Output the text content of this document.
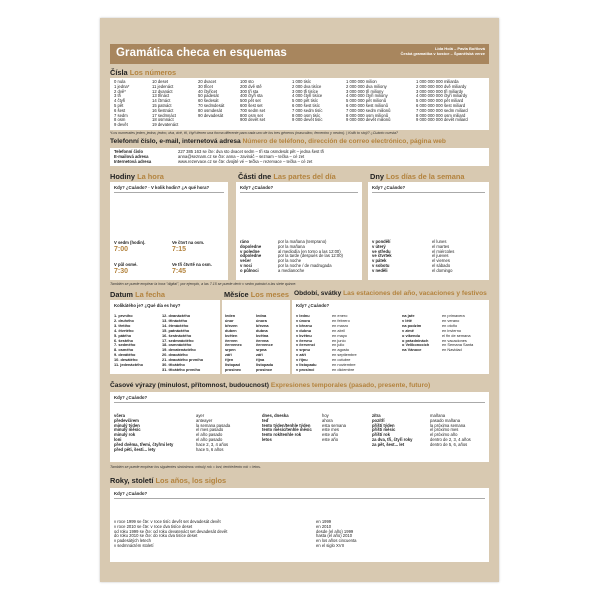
Gramática checa en esquemas	Lida Holá – Pavla Bořilová
Česká gramatika v kostce – Španělská verze
Čísla Los números
0 nula
1 jedna*
2 dvě*
3 tři
4 čtyři
5 pět
6 šest
7 sedm
8 osm
9 devět
10 deset
11 jedenáct
12 dvanáct
13 třináct
14 čtrnáct
15 patnáct
16 šestnáct
17 sedmnáct
18 osmnáct
19 devatenáct
20 dvacet
30 třicet
40 čtyřicet
50 padesát
60 šedesát
70 sedmdesát
80 osmdesát
90 devadesát
100 sto
200 dvě stě
300 tři sta
400 čtyři sta
500 pět set
600 šest set
700 sedm set
800 osm set
900 devět set
1 000 tisíc
2 000 dva tisíce
3 000 tři tisíce
4 000 čtyři tisíce
5 000 pět tisíc
6 000 šest tisíc
7 000 sedm tisíc
8 000 osm tisíc
9 000 devět tisíc
1 000 000 milion
2 000 000 dva miliony
3 000 000 tři miliony
4 000 000 čtyři miliony
5 000 000 pět milionů
6 000 000 šest milionů
7 000 000 sedm milionů
8 000 000 osm milionů
9 000 000 devět milionů
1 000 000 000 miliarda
2 000 000 000 dvě miliardy
3 000 000 000 tři miliardy
4 000 000 000 čtyři miliardy
5 000 000 000 pět miliard
6 000 000 000 šest miliard
7 000 000 000 sedm miliard
8 000 000 000 osm miliard
9 000 000 000 devět miliard
*Los numerales jeden, jedna, jedno, dva, dvě, tři, čtyři tienen una forma diferente para cada uno de los tres géneros (masculino, femenino y neutro). | Kolik to stojí? ¿Cuánto cuesta?
Telefonní číslo, e-mail, internetová adresa Número de teléfono, dirección de correo electrónico, página web
Telefonní číslo
E-mailová adresa
Internetová adresa
227 385 163 se čte: dva sto dvacet sedm – tři sta osmdesát pět – jedna šest tři
anna@seznam.cz se čte: anna – zavináč – seznam – tečka – cé zet
www.rezervace.cz se čte: dvojité vé – tečka – rezervace – tečka – cé zet
Hodiny La hora
Kdy? ¿Cuándo? · V kolik hodin? ¿A qué hora?
V sedm (hodin).
7:00
Ve čtvrt na osm.
7:15
V půl osmé.
7:30
Ve tři čtvrtě na osm.
7:45
Části dne Las partes del día
Kdy? ¿Cuándo?
ráno
dopoledne
v poledne
odpoledne
večer
v noci
o půlnoci
por la mañana (temprano)
por la mañana
al mediodía (en torno a las 12:00)
por la tarde (después de las 12:00)
por la noche
por la noche / de madrugada
a medianoche
Dny Los días de la semana
Kdy? ¿Cuándo?
v pondělí
v úterý
ve středu
ve čtvrtek
v pátek
v sobotu
v neděli
el lunes
el martes
el miércoles
el jueves
el viernes
el sábado
el domingo
También se puede emplear la hora "digital", por ejemplo, a las 7.15 se puede decir v sedm patnáct a las siete quince.
Datum La fecha
Kolikátého je? ¿Qué día es hoy?
1. prvního
2. druhého
3. třetího
4. čtvrtého
5. pátého
6. šestého
7. sedmého
8. osmého
9. devátého
10. desátého
11. jedenáctého
12. dvanáctého
13. třináctého
14. čtrnáctého
15. patnáctého
16. šestnáctého
17. sedmnáctého
18. osmnáctého
19. devatenáctého
20. dvacátého
21. dvacátého prvního
30. třicátého
31. třicátého prvního
Měsíce Los meses
leden
únor
březen
duben
květen
červen
červenec
srpen
září
říjen
listopad
prosinec
ledna
února
března
dubna
května
června
července
srpna
září
října
listopadu
prosince
Období, svátky Las estaciones del año, vacaciones y festivos
Kdy? ¿Cuándo?
v lednu
v únoru
v březnu
v dubnu
v květnu
v červnu
v červenci
v srpnu
v září
v říjnu
v listopadu
v prosinci
en enero
en febrero
en marzo
en abril
en mayo
en junio
en julio
en agosto
en septiembre
en octubre
en noviembre
en diciembre
na jaře
v létě
na podzim
v zimě
o víkendu
o prázdninách
o Velikonocích
na Vánoce
en primavera
en verano
en otoño
en invierno
el fin de semana
en vacaciones
en Semana Santa
en Navidad
Časové výrazy (minulost, přítomnost, budoucnost) Expresiones temporales (pasado, presente, futuro)
Kdy? ¿Cuándo?
včera
předevčírem
minulý týden
minulý měsíc
minulý rok
loni
před dvěma, třemi, čtyřmi lety
před pěti, šesti... lety
ayer
anteayer
la semana pasada
el mes pasado
el año pasado
el año pasado
hace 2, 3, 4 años
hace 5, 6 años
dnes, dneska
teď
tento týden/tenhle týden
tento měsíc/tenhle měsíc
tento rok/tenhle rok
letos
hoy
ahora
esta semana
este mes
este año
este año
zítra
pozítří
příští týden
příští měsíc
příští rok
za dva, tři, čtyři roky
za pět, šest... let
mañana
pasado mañana
la próxima semana
el próximo mes
el próximo año
dentro de 2, 3, 4 años
dentro de 5, 6, años
También se puede emplear los siguientes sinónimos: minulý rok = loni, tenhle/tento rok = letos.
Roky, století Los años, los siglos
Kdy? ¿Cuándo?
v roce 1999 se čte: v roce tisíc devět set devadesát devět
v roce 2010 se čte: v roce dva tisíce deset
od roku 1999 se čte: od roku devatenáct set devadesát devět
do roku 2010 se čte: do roku dva tisíce deset
v padesátých letech
v sedmnáctém století
en 1999
en 2010
desde (el año) 1999
hasta (el año) 2010
en los años cincuenta
en el siglo XVII
